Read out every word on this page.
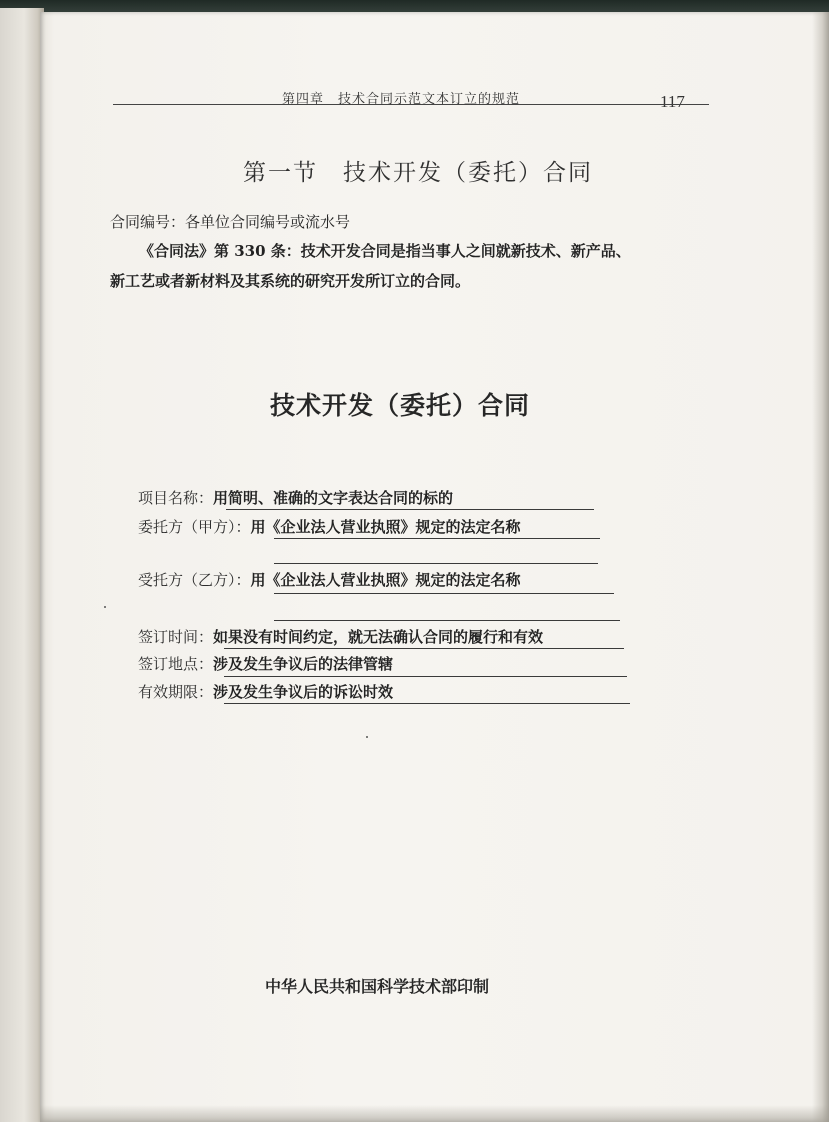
第四章　技术合同示范文本订立的规范	117
第一节　技术开发（委托）合同
合同编号：各单位合同编号或流水号
《合同法》第 330 条：技术开发合同是指当事人之间就新技术、新产品、
新工艺或者新材料及其系统的研究开发所订立的合同。
技术开发（委托）合同
项目名称：用简明、准确的文字表达合同的标的
委托方（甲方）：用《企业法人营业执照》规定的法定名称
受托方（乙方）：用《企业法人营业执照》规定的法定名称
签订时间：如果没有时间约定，就无法确认合同的履行和有效
签订地点：涉及发生争议后的法律管辖
有效期限：涉及发生争议后的诉讼时效
中华人民共和国科学技术部印制
